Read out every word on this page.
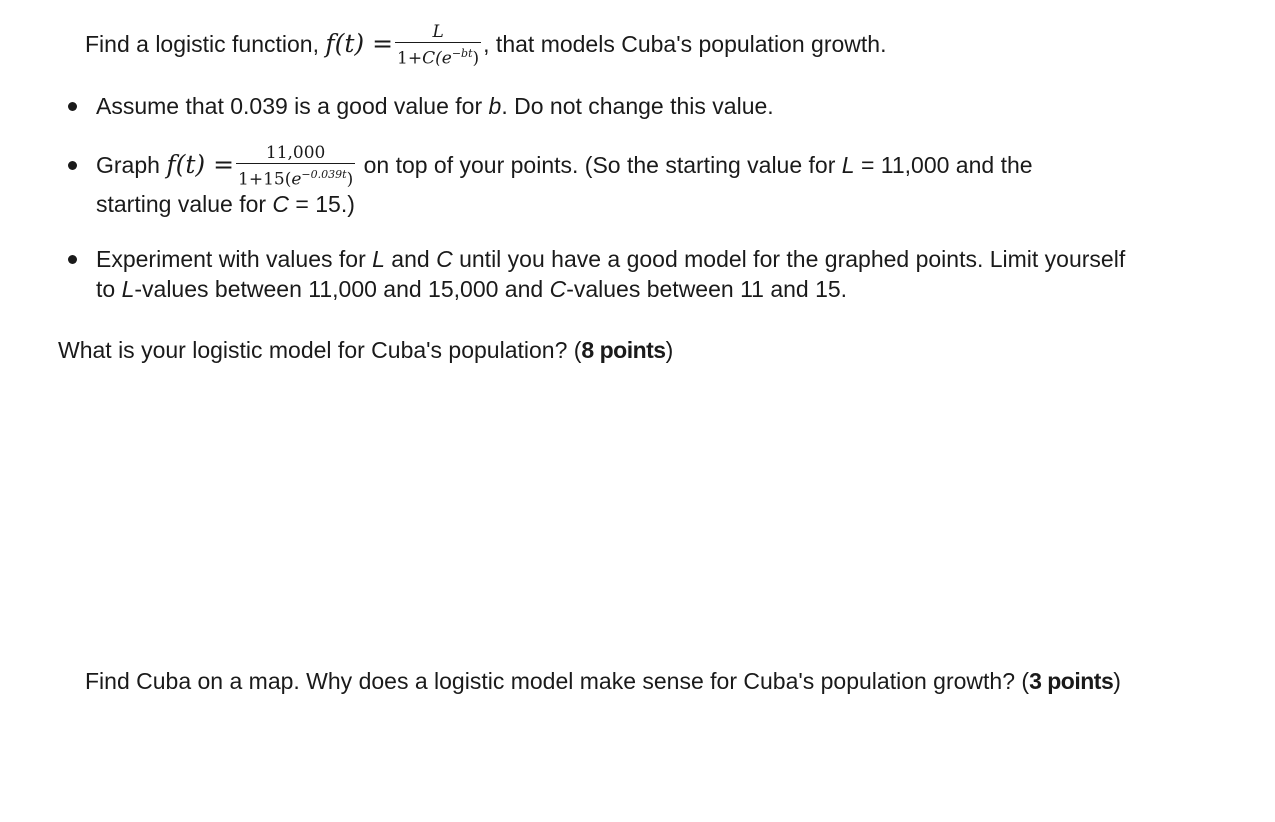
Find a logistic function, $f(t) = \frac{L}{1+C(e^{-bt})}$ , that models Cuba's population growth.
Assume that 0.039 is a good value for b. Do not change this value.
Graph $f(t) = \frac{11,000}{1+15(e^{-0.039t})}$ on top of your points. (So the starting value for L = 11,000 and the
starting value for C = 15.)
Experiment with values for L and C until you have a good model for the graphed points. Limit yourself
to L-values between 11,000 and 15,000 and C-values between 11 and 15.
What is your logistic model for Cuba's population? (8 points)
Find Cuba on a map. Why does a logistic model make sense for Cuba's population growth? (3 points)
